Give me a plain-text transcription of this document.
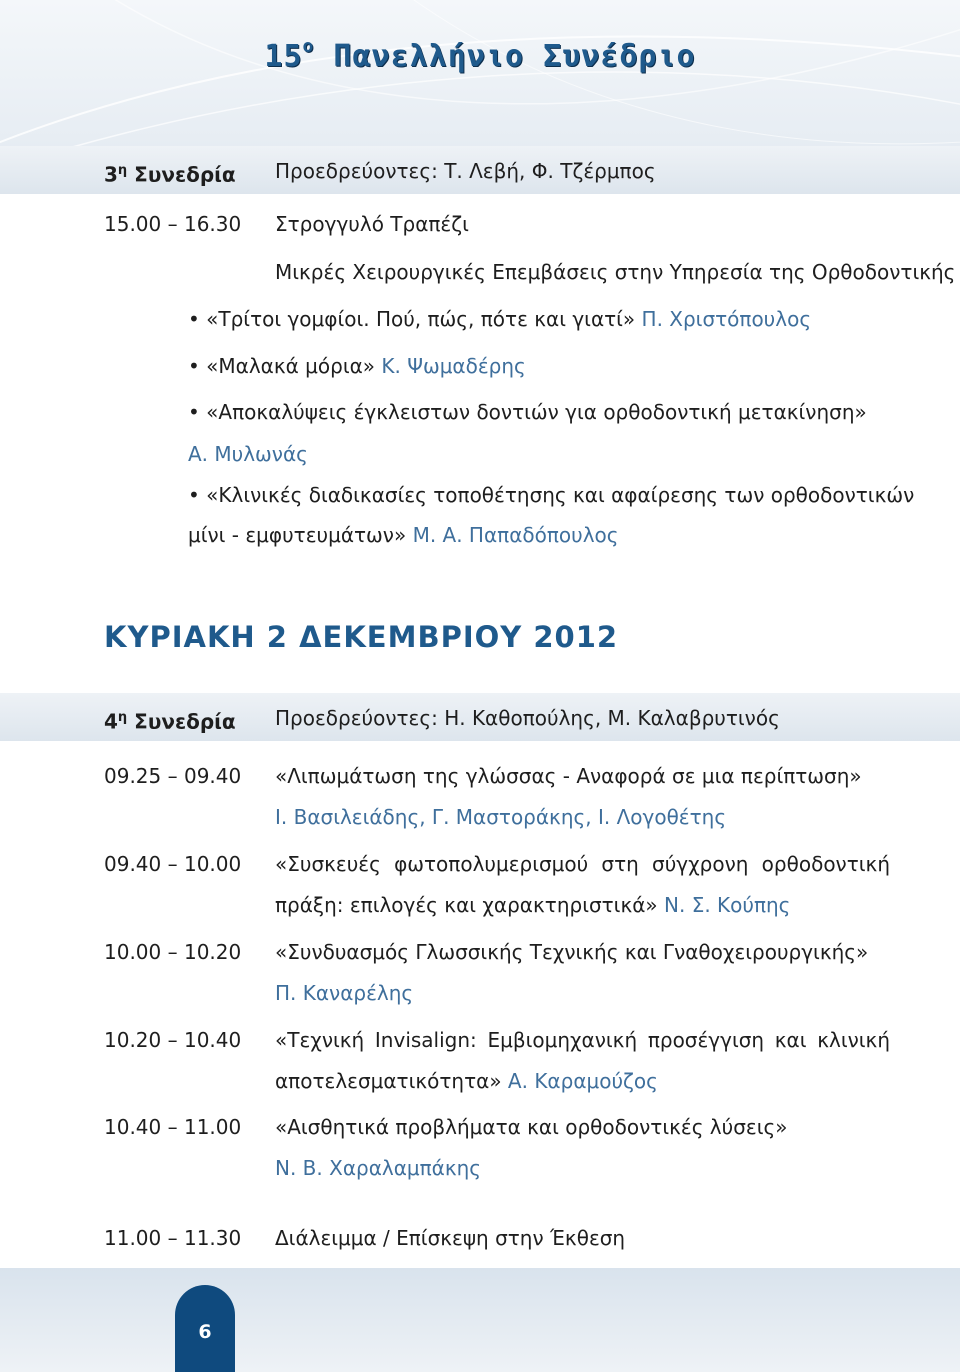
$15^o$ Πανελλήνιο Συνέδριο
$3^\eta$ Συνεδρία Προεδρεύοντες: Τ. Λεβή, Φ. Τζέρμπος
15.00 – 16.30 Στρογγυλό Τραπέζι
Μικρές Χειρουργικές Επεμβάσεις στην Υπηρεσία της Ορθοδοντικής
• «Τρίτοι γομφίοι. Πού, πώς, πότε και γιατί» Π. Χριστόπουλος
• «Μαλακά μόρια» Κ. Ψωμαδέρης
• «Αποκαλύψεις έγκλειστων δοντιών για ορθοδοντική μετακίνηση»
Α. Μυλωνάς
• «Κλινικές διαδικασίες τοποθέτησης και αφαίρεσης των ορθοδοντικών
μίνι - εμφυτευμάτων» Μ. Α. Παπαδόπουλος
ΚΥΡΙΑΚΗ 2 ΔΕΚΕΜΒΡΙΟΥ 2012
$4^\eta$ Συνεδρία Προεδρεύοντες: Η. Καθοπούλης, Μ. Καλαβρυτινός
09.25 – 09.40 «Λιπωμάτωση της γλώσσας - Αναφορά σε μια περίπτωση»
Ι. Βασιλειάδης, Γ. Μαστοράκης, Ι. Λογοθέτης
09.40 – 10.00 «Συσκευές φωτοπολυμερισμού στη σύγχρονη ορθοδοντική
πράξη: επιλογές και χαρακτηριστικά» Ν. Σ. Κούπης
10.00 – 10.20 «Συνδυασμός Γλωσσικής Τεχνικής και Γναθοχειρουργικής»
Π. Καναρέλης
10.20 – 10.40 «Τεχνική Invisalign: Εμβιομηχανική προσέγγιση και κλινική
αποτελεσματικότητα» Α. Καραμούζος
10.40 – 11.00 «Αισθητικά προβλήματα και ορθοδοντικές λύσεις»
Ν. Β. Χαραλαμπάκης
11.00 – 11.30 Διάλειμμα / Επίσκεψη στην Έκθεση
6
